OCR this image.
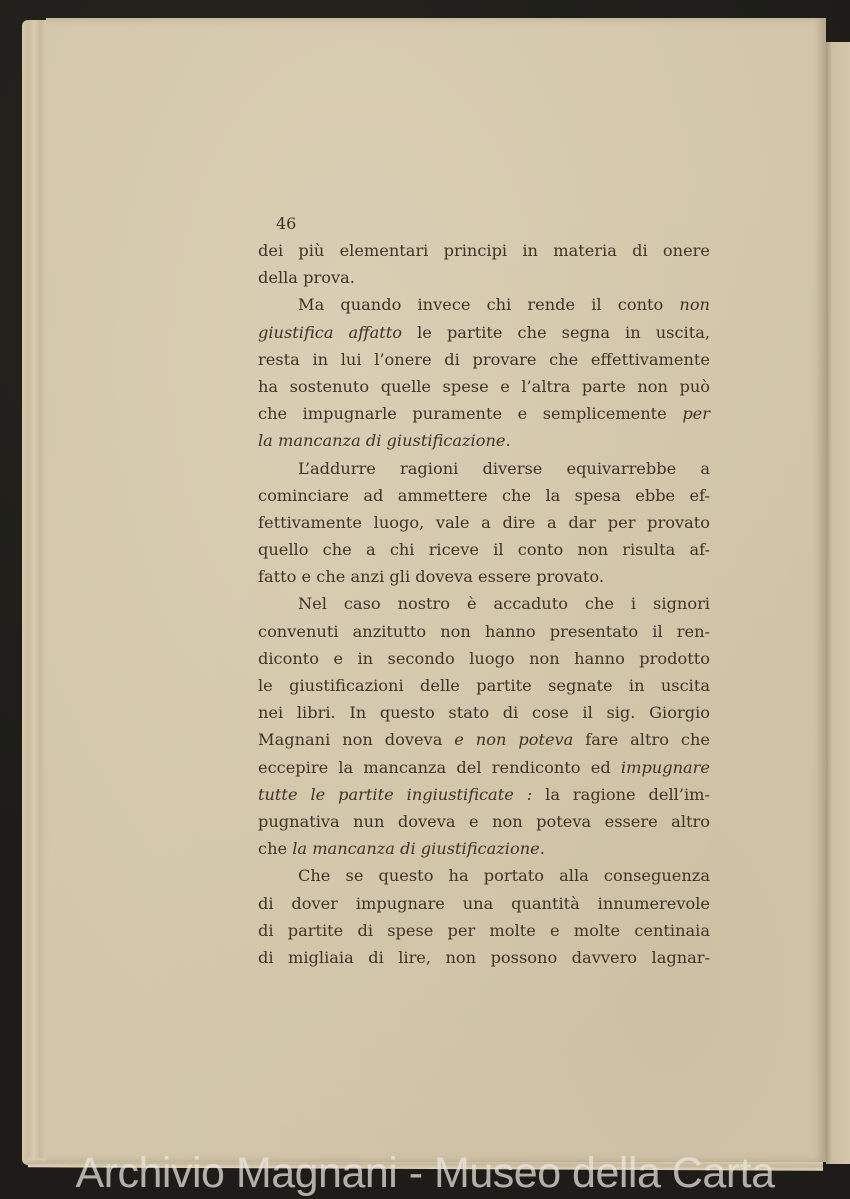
46
dei più elementari principi in materia di onere
della prova.
Ma quando invece chi rende il conto non
giustifica affatto le partite che segna in uscita,
resta in lui l’onere di provare che effettivamente
ha sostenuto quelle spese e l’altra parte non può
che impugnarle puramente e semplicemente per
la mancanza di giustificazione.
L’addurre ragioni diverse equivarrebbe a
cominciare ad ammettere che la spesa ebbe ef-
fettivamente luogo, vale a dire a dar per provato
quello che a chi riceve il conto non risulta af-
fatto e che anzi gli doveva essere provato.
Nel caso nostro è accaduto che i signori
convenuti anzitutto non hanno presentato il ren-
diconto e in secondo luogo non hanno prodotto
le giustificazioni delle partite segnate in uscita
nei libri. In questo stato di cose il sig. Giorgio
Magnani non doveva e non poteva fare altro che
eccepire la mancanza del rendiconto ed impugnare
tutte le partite ingiustificate : la ragione dell’im-
pugnativa nun doveva e non poteva essere altro
che la mancanza di giustificazione.
Che se questo ha portato alla conseguenza
di dover impugnare una quantità innumerevole
di partite di spese per molte e molte centinaia
di migliaia di lire, non possono davvero lagnar-
Archivio Magnani - Museo della Carta
